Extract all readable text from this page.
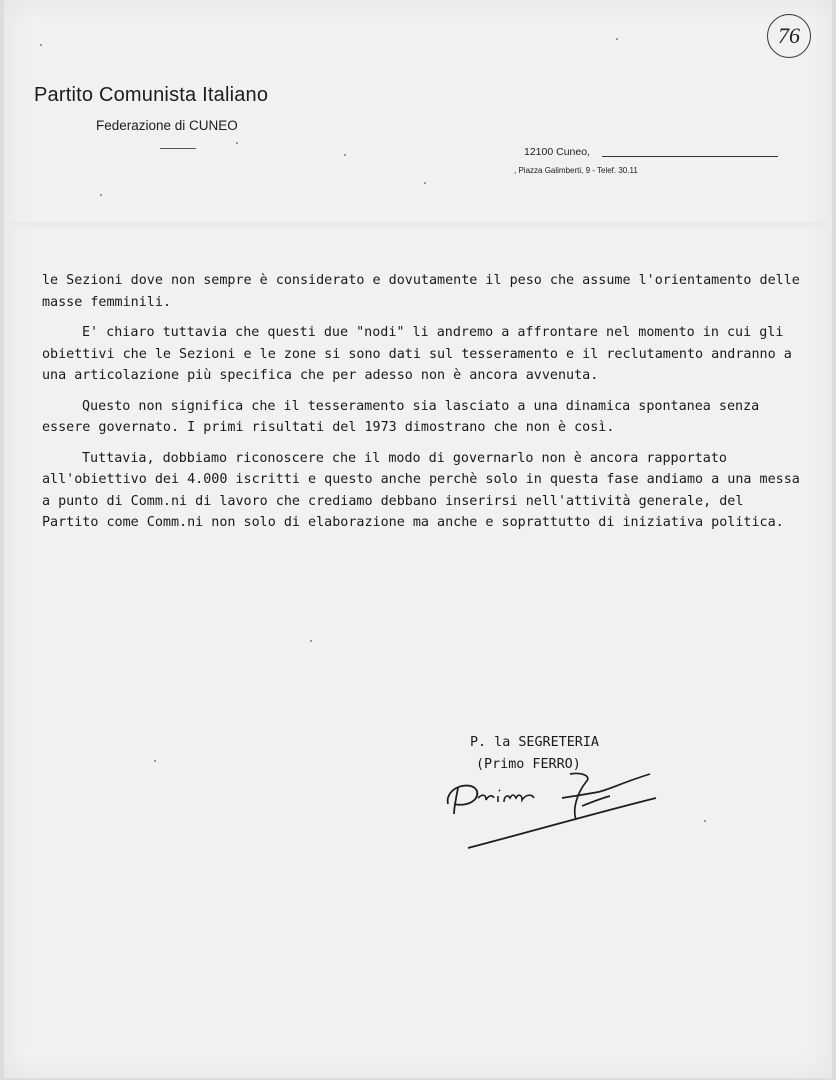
76
Partito Comunista Italiano
Federazione di CUNEO
12100 Cuneo,
, Piazza Galimberti, 9 - Telef. 30.11

le Sezioni dove non sempre è considerato e dovutamente il peso che assume l'orientamento delle masse femminili.

E' chiaro tuttavia che questi due "nodi" li andremo a affrontare nel momento in cui gli obiettivi che le Sezioni e le zone si sono dati sul tesseramento e il reclutamento andranno a una articolazione più specifica che per adesso non è ancora avvenuta.

Questo non significa che il tesseramento sia lasciato a una dinamica spontanea senza essere governato. I primi risultati del 1973 dimostrano che non è così.

Tuttavia, dobbiamo riconoscere che il modo di governarlo non è ancora rapportato all'obiettivo dei 4.000 iscritti e questo anche perchè solo in questa fase andiamo a una messa a punto di Comm.ni di lavoro che crediamo debbano inserirsi nell'attività generale, del Partito come Comm.ni non solo di elaborazione ma anche e soprattutto di iniziativa politica.

P. la SEGRETERIA
(Primo FERRO)
